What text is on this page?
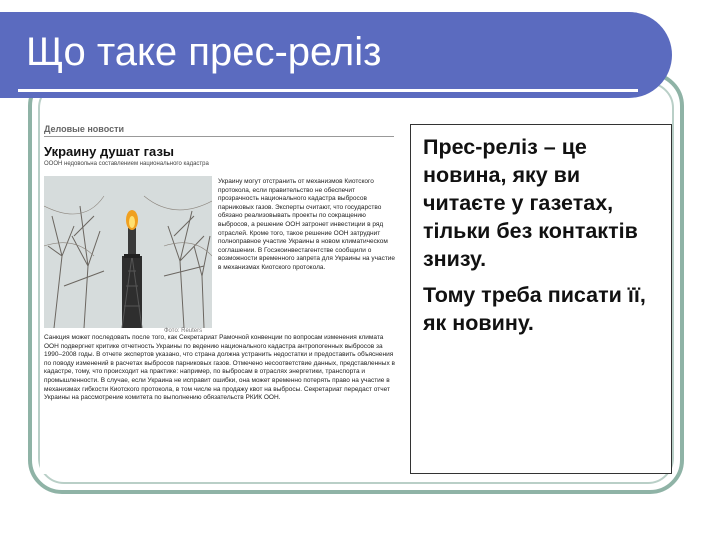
Що таке прес-реліз

Деловые новости

Украину душат газы

ОООН недовольна составлением национального кадастра

Фото: Reuters

Украину могут отстранить от механизмов Киотского протокола, если правительство не обеспечит прозрачность национального кадастра выбросов парниковых газов. Эксперты считают, что государство обязано реализовывать проекты по сокращению выбросов, а решение ООН затронет инвестиции в ряд отраслей. Кроме того, такое решение ООН затруднит полноправное участие Украины в новом климатическом соглашении. В Госэкоинвестагентстве сообщили о возможности временного запрета для Украины на участие в механизмах Киотского протокола.

Санкция может последовать после того, как Секретариат Рамочной конвенции по вопросам изменения климата ООН подвергнет критике отчетность Украины по ведению национального кадастра антропогенных выбросов за 1990–2008 годы. В отчете экспертов указано, что страна должна устранить недостатки и предоставить объяснения по поводу изменений в расчетах выбросов парниковых газов. Отмечено несоответствие данных, представленных в кадастре, тому, что происходит на практике: например, по выбросам в отраслях энергетики, транспорта и промышленности. В случае, если Украина не исправит ошибки, она может временно потерять право на участие в механизмах гибкости Киотского протокола, в том числе на продажу квот на выбросы. Секретариат передаст отчет Украины на рассмотрение комитета по выполнению обязательств РКИК ООН.

Прес-реліз – це новина, яку ви читаєте у газетах, тільки без контактів знизу.

Тому треба писати її, як новину.
